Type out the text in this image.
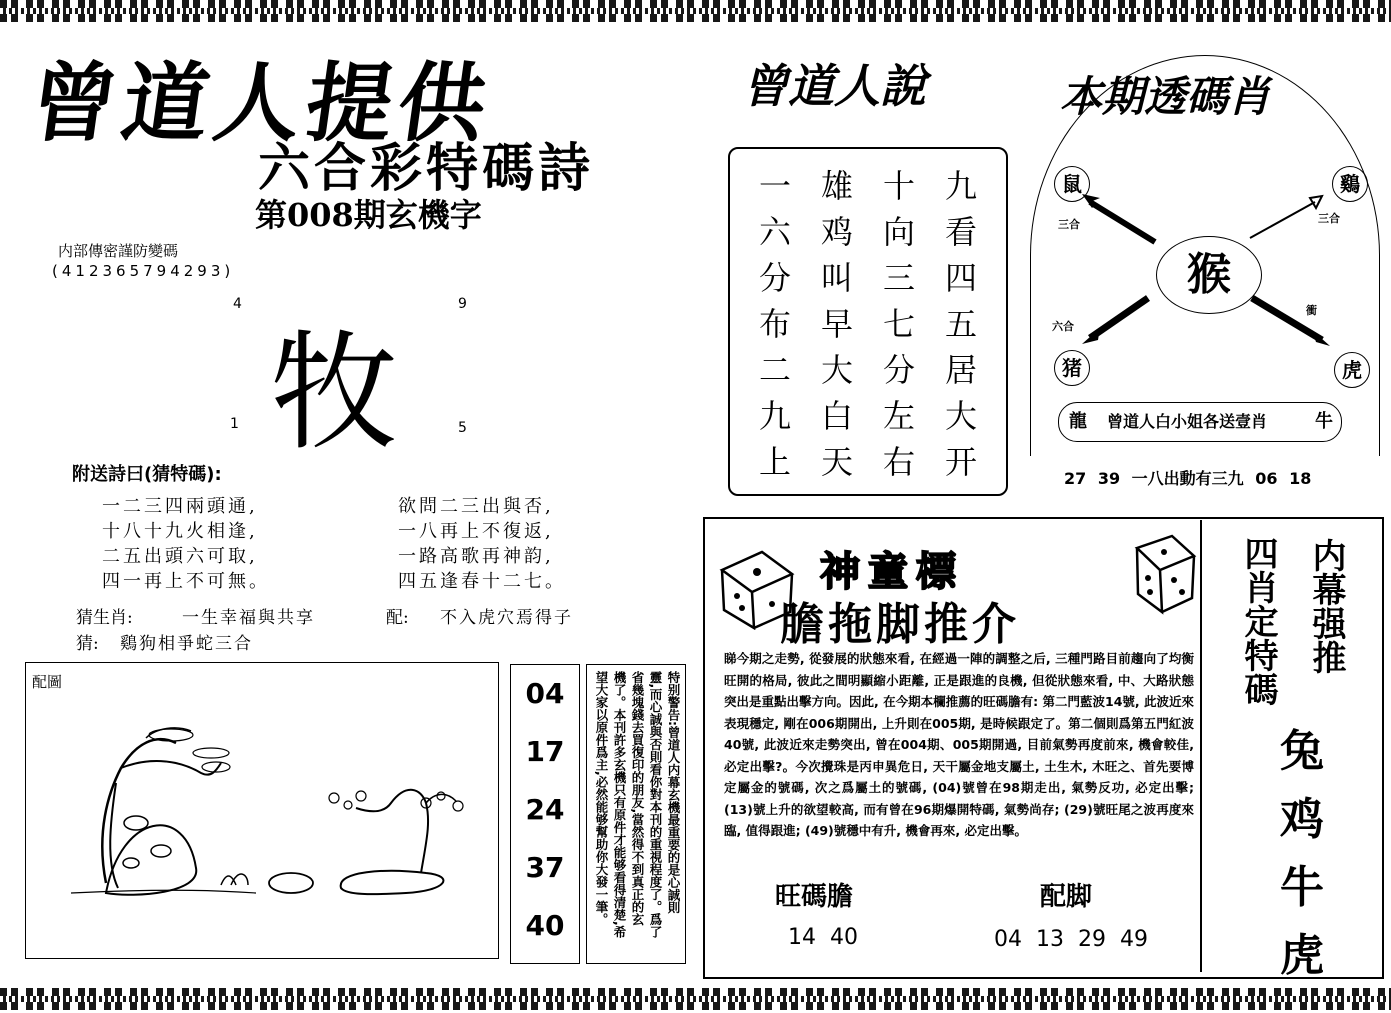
曾道人提供
六合彩特碼詩
第008期玄機字
内部傳密謹防變碼
(412365794293)
4	9
牧
1	5
附送詩曰(猜特碼):
一二三四兩頭通,
十八十九火相逢,
二五出頭六可取,
四一再上不可無。
欲問二三出與否,
一八再上不復返,
一路高歌再神韵,
四五逢春十二七。
猜生肖:	一生幸福與共享	配: 不入虎穴焉得子
猜: 鷄狗相爭蛇三合
配圖	04
17
24
37
40
特别警告:曾道人内幕玄機最重要的是心誠則
靈,而心誠與否則看你對本刊的重視程度了。爲了
省幾塊錢去買復印的朋友,當然得不到真正的玄
機了。本刊許多玄機只有原件才能够看得清楚,希
望大家以原件爲主,必然能够幫助你大發一筆。
曾道人說
一 雄 十 九
六 鸡 向 看
分 叫 三 四
布 早 七 五
二 大 分 居
九 白 左 大
上 天 右 开
本期透碼肖
鼠	鷄
猪	虎
猴
三合	三合
六合
衝
龍 曾道人白小姐各送壹肖	牛
27 39 一八出動有三九 06 18
神童標
膽拖脚推介
睇今期之走勢, 從發展的狀態來看, 在經過一陣的調整之后, 三種門路目前趨向了均衡旺開的格局, 彼此之間明顯縮小距離, 正是跟進的良機, 但從狀態來看, 中、大路狀態突出是重點出擊方向。因此, 在今期本欄推薦的旺碼膽有: 第二門藍波14號, 此波近來表現穩定, 剛在006期開出, 上升則在005期, 是時候跟定了。第二個則爲第五門紅波40號, 此波近來走勢突出, 曾在004期、005期開過, 目前氣勢再度前來, 機會較佳, 必定出擊?。今次攪珠是丙申異危日, 天干屬金地支屬土, 土生木, 木旺之、首先要博定屬金的號碼, 次之爲屬土的號碼, (04)號曾在98期走出, 氣勢反功, 必定出擊; (13)號上升的欲望較高, 而有曾在96期爆開特碼, 氣勢尚存; (29)號旺尾之波再度來臨, 值得跟進; (49)號穩中有升, 機會再來, 必定出擊。
旺碼膽	配脚
14  40	04  13  29  49
内幕强推
四肖定特碼
兔
鸡
牛
虎
